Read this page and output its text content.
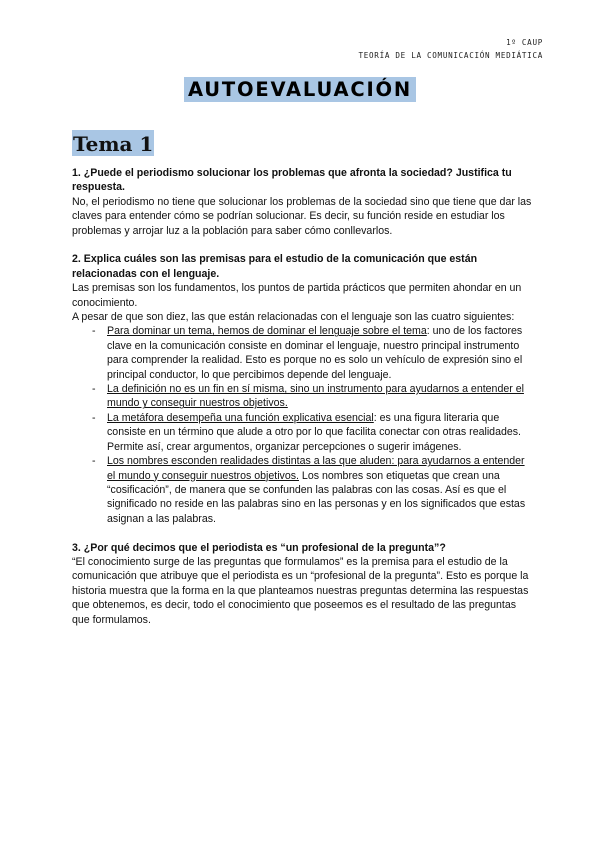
1º CAUP
TEORÍA DE LA COMUNICACIÓN MEDIÁTICA
AUTOEVALUACIÓN
Tema 1

1. ¿Puede el periodismo solucionar los problemas que afronta la sociedad? Justifica tu respuesta.

No, el periodismo no tiene que solucionar los problemas de la sociedad sino que tiene que dar las claves para entender cómo se podrían solucionar. Es decir, su función reside en estudiar los problemas y arrojar luz a la población para saber cómo conllevarlos.

2. Explica cuáles son las premisas para el estudio de la comunicación que están relacionadas con el lenguaje.

Las premisas son los fundamentos, los puntos de partida prácticos que permiten ahondar en un conocimiento.

A pesar de que son diez, las que están relacionadas con el lenguaje son las cuatro siguientes:

- Para dominar un tema, hemos de dominar el lenguaje sobre el tema: uno de los factores clave en la comunicación consiste en dominar el lenguaje, nuestro principal instrumento para comprender la realidad. Esto es porque no es solo un vehículo de expresión sino el principal conductor, lo que percibimos depende del lenguaje.
- La definición no es un fin en sí misma, sino un instrumento para ayudarnos a entender el mundo y conseguir nuestros objetivos.
- La metáfora desempeña una función explicativa esencial: es una figura literaria que consiste en un término que alude a otro por lo que facilita conectar con otras realidades. Permite así, crear argumentos, organizar percepciones o sugerir imágenes.
- Los nombres esconden realidades distintas a las que aluden: para ayudarnos a entender el mundo y conseguir nuestros objetivos. Los nombres son etiquetas que crean una “cosificación”, de manera que se confunden las palabras con las cosas. Así es que el significado no reside en las palabras sino en las personas y en los significados que estas asignan a las palabras.

3. ¿Por qué decimos que el periodista es “un profesional de la pregunta”?

“El conocimiento surge de las preguntas que formulamos” es la premisa para el estudio de la comunicación que atribuye que el periodista es un “profesional de la pregunta”. Esto es porque la historia muestra que la forma en la que planteamos nuestras preguntas determina las respuestas que obtenemos, es decir, todo el conocimiento que poseemos es el resultado de las preguntas que formulamos.
